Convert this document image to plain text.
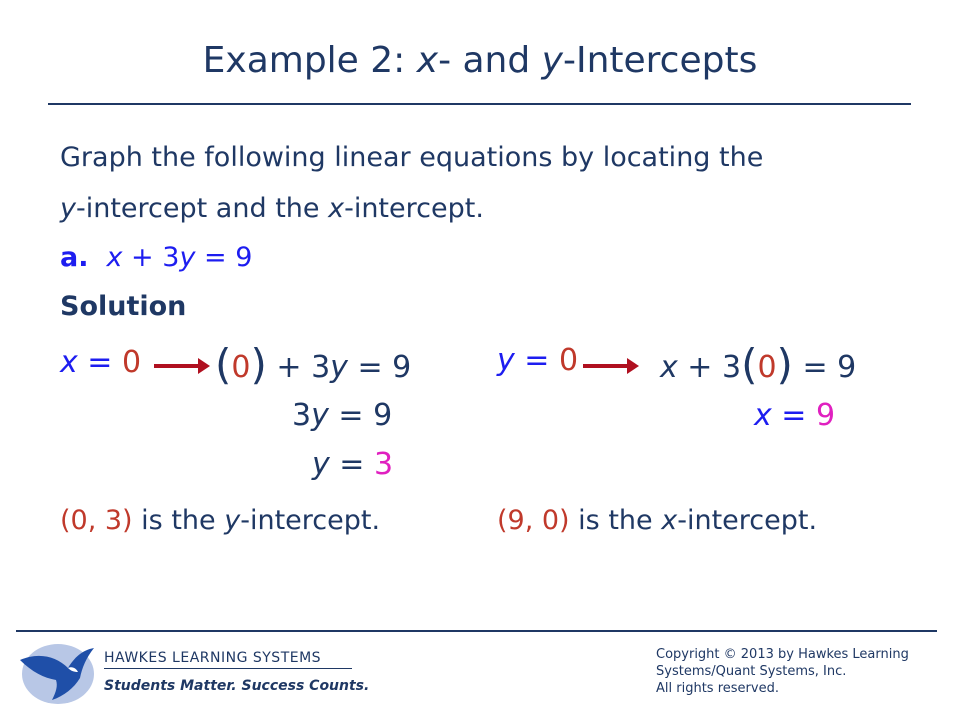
Example 2: x- and y-Intercepts
Graph the following linear equations by locating the
y-intercept and the x-intercept.
a. x + 3y = 9
Solution
x = 0 (0) + 3y = 9
3y = 9
y = 3
(0, 3) is the y-intercept.
y = 0	x + 3(0) = 9
x = 9
(9, 0) is the x-intercept.
HAWKES LEARNING SYSTEMS
Students Matter. Success Counts.
Copyright © 2013 by Hawkes Learning
Systems/Quant Systems, Inc.
All rights reserved.
